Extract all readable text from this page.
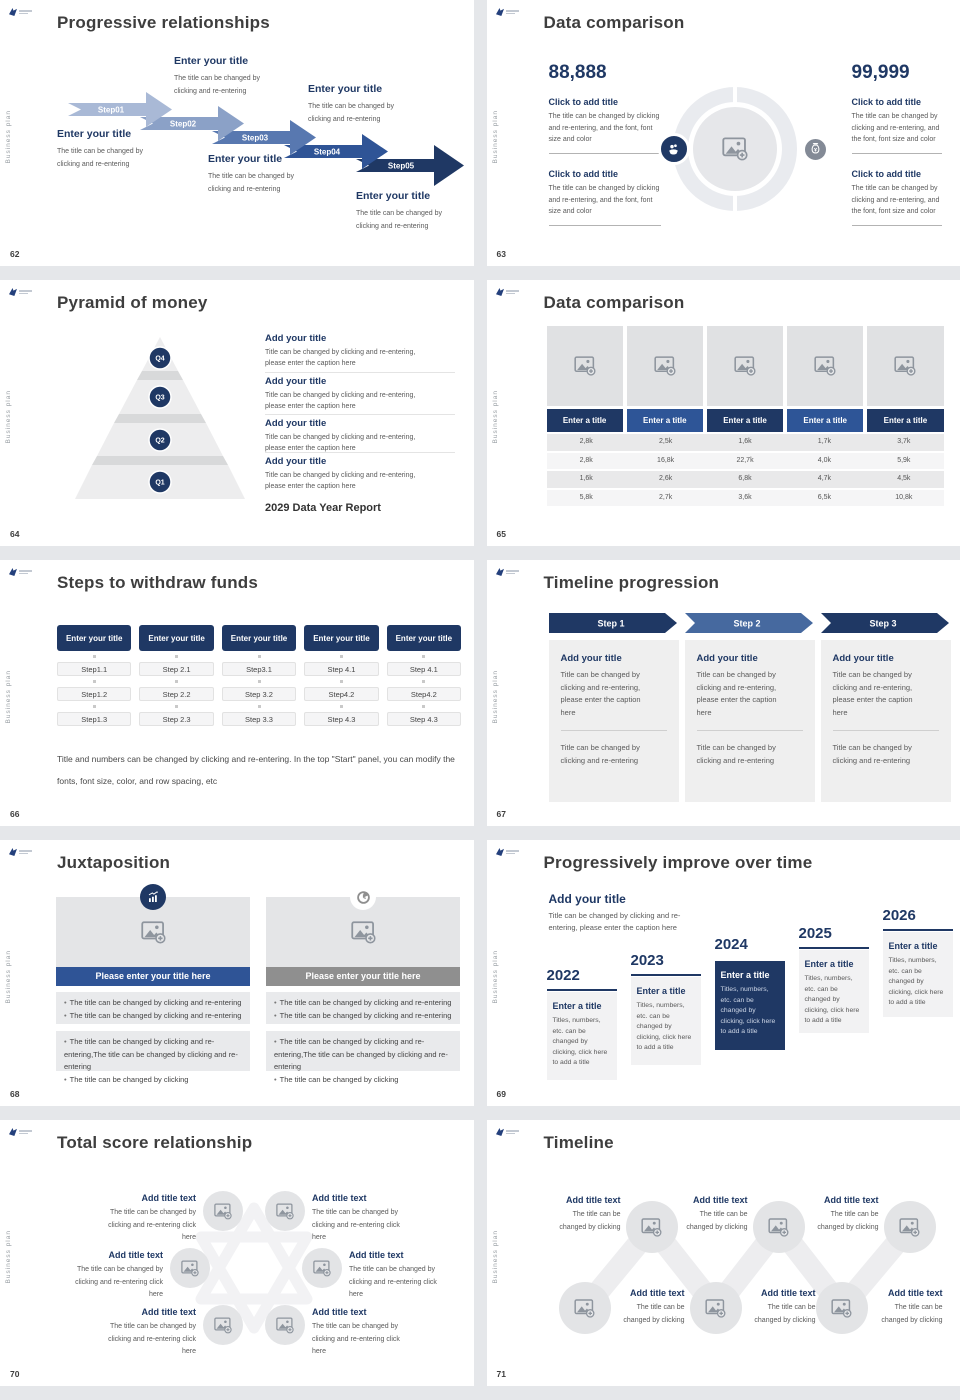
Business plan
Progressive relationships
Step01
Step02
Step03
Step04
Step05
Enter your title
The title can be changed by
clicking and re-entering
Enter your title
The title can be changed by
clicking and re-entering
Enter your title
The title can be changed by
clicking and re-entering
Enter your title
The title can be changed by
clicking and re-entering
Enter your title
The title can be changed by
clicking and re-entering
62
Business plan
Data comparison
88,888	99,999
Click to add title
The title can be changed by clicking and re-entering, and the font, font size and color
Click to add title
The title can be changed by clicking and re-entering, and the font, font size and color
Click to add title
The title can be changed by clicking and re-entering, and the font, font size and color
Click to add title
The title can be changed by clicking and re-entering, and the font, font size and color
63
Business plan
Pyramid of money
Q4
Q3
Q2
Q1
Add your title
Title can be changed by clicking and re-entering, please enter the caption here
Add your title
Title can be changed by clicking and re-entering, please enter the caption here
Add your title
Title can be changed by clicking and re-entering, please enter the caption here
Add your title
Title can be changed by clicking and re-entering, please enter the caption here
2029 Data Year Report
64
Business plan
Data comparison
Enter a title	Enter a title	Enter a title	Enter a title	Enter a title
2,8k	2,5k	1,6k	1,7k	3,7k
2,8k	16,8k	22,7k	4,0k	5,9k
1,6k	2,6k	6,8k	4,7k	4,5k
5,8k	2,7k	3,6k	6,5k	10,8k
65
Business plan
Steps to withdraw funds
Enter your title
Step1.1
Step1.2
Step1.3
Enter your title
Step 2.1
Step 2.2
Step 2.3
Enter your title
Step3.1
Step 3.2
Step 3.3
Enter your title
Step 4.1
Step4.2
Step 4.3
Enter your title
Step 4.1
Step4.2
Step 4.3

Title and numbers can be changed by clicking and re-entering. In the top "Start" panel, you can modify the fonts, font size, color, and row spacing, etc

66
Business plan
Timeline progression
Step 1	Step 2	Step 3
Add your title
Title can be changed by clicking and re-entering, please enter the caption here
Title can be changed by clicking and re-entering
Add your title
Title can be changed by clicking and re-entering, please enter the caption here
Title can be changed by clicking and re-entering
Add your title
Title can be changed by clicking and re-entering, please enter the caption here
Title can be changed by clicking and re-entering
67
Business plan
Juxtaposition
Please enter your title here	Please enter your title here
• The title can be changed by clicking and re-entering
• The title can be changed by clicking and re-entering
• The title can be changed by clicking and re-entering
• The title can be changed by clicking and re-entering
• The title can be changed by clicking and re-entering,The title can be changed by clicking and re-entering
• The title can be changed by clicking
• The title can be changed by clicking and re-entering,The title can be changed by clicking and re-entering
• The title can be changed by clicking
68
Business plan
Progressively improve over time
Add your title
Title can be changed by clicking and re-entering, please enter the caption here
2022
Enter a title
Titles, numbers, etc. can be changed by clicking, click here to add a title
2023
Enter a title
Titles, numbers, etc. can be changed by clicking, click here to add a title
2024
Enter a title
Titles, numbers, etc. can be changed by clicking, click here to add a title
2025
Enter a title
Titles, numbers, etc. can be changed by clicking, click here to add a title
2026
Enter a title
Titles, numbers, etc. can be changed by clicking, click here to add a title
69
Business plan
Total score relationship
Add title text
The title can be changed by clicking and re-entering click here
Add title text
The title can be changed by clicking and re-entering click here
Add title text
The title can be changed by clicking and re-entering click here
Add title text
The title can be changed by clicking and re-entering click here
Add title text
The title can be changed by clicking and re-entering click here
Add title text
The title can be changed by clicking and re-entering click here
70
Business plan
Timeline
Add title text
The title can be
changed by clicking
Add title text
The title can be
changed by clicking
Add title text
The title can be
changed by clicking
Add title text
The title can be
changed by clicking
Add title text
The title can be
changed by clicking
Add title text
The title can be
changed by clicking
71
